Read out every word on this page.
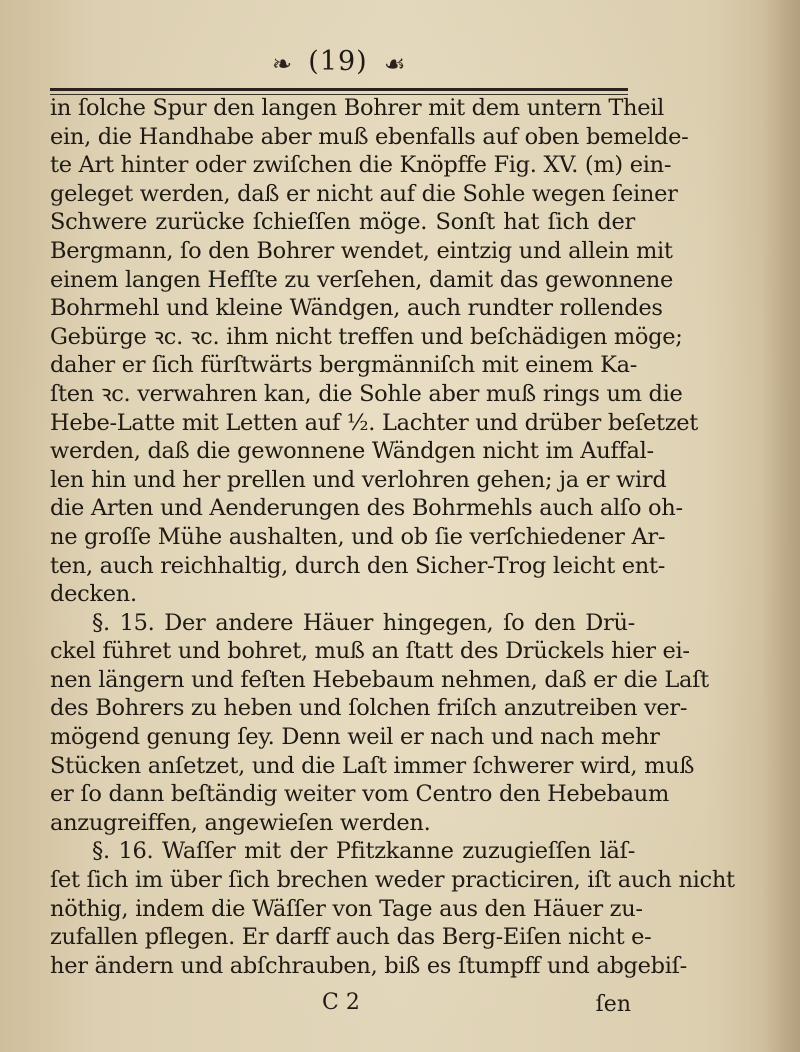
❧ (19) ☙
in ſolche Spur den langen Bohrer mit dem untern Theil
ein, die Handhabe aber muß ebenfalls auf oben bemelde-
te Art hinter oder zwiſchen die Knöpffe Fig. XV. (m) ein-
geleget werden, daß er nicht auf die Sohle wegen ſeiner
Schwere zurücke ſchieſſen möge. Sonſt hat ſich der
Bergmann, ſo den Bohrer wendet, eintzig und allein mit
einem langen Hefſte zu verſehen, damit das gewonnene
Bohrmehl und kleine Wändgen, auch rundter rollendes
Gebürge ꝛc. ꝛc. ihm nicht treffen und beſchädigen möge;
daher er ſich fürſtwärts bergmänniſch mit einem Ka-
ſten ꝛc. verwahren kan, die Sohle aber muß rings um die
Hebe-Latte mit Letten auf ½. Lachter und drüber beſetzet
werden, daß die gewonnene Wändgen nicht im Auffal-
len hin und her prellen und verlohren gehen; ja er wird
die Arten und Aenderungen des Bohrmehls auch alſo oh-
ne groſſe Mühe aushalten, und ob ſie verſchiedener Ar-
ten, auch reichhaltig, durch den Sicher-Trog leicht ent-
decken.
§. 15. Der andere Häuer hingegen, ſo den Drü-
ckel führet und bohret, muß an ſtatt des Drückels hier ei-
nen längern und feſten Hebebaum nehmen, daß er die Laſt
des Bohrers zu heben und ſolchen friſch anzutreiben ver-
mögend genung ſey. Denn weil er nach und nach mehr
Stücken anſetzet, und die Laſt immer ſchwerer wird, muß
er ſo dann beſtändig weiter vom Centro den Hebebaum
anzugreiffen, angewieſen werden.
§. 16. Waſſer mit der Pfitzkanne zuzugieſſen läſ-
ſet ſich im über ſich brechen weder practiciren, iſt auch nicht
nöthig, indem die Wäſſer von Tage aus den Häuer zu-
zufallen pflegen. Er darff auch das Berg-Eiſen nicht e-
her ändern und abſchrauben, biß es ſtumpff und abgebiſ-
C 2	ſen
